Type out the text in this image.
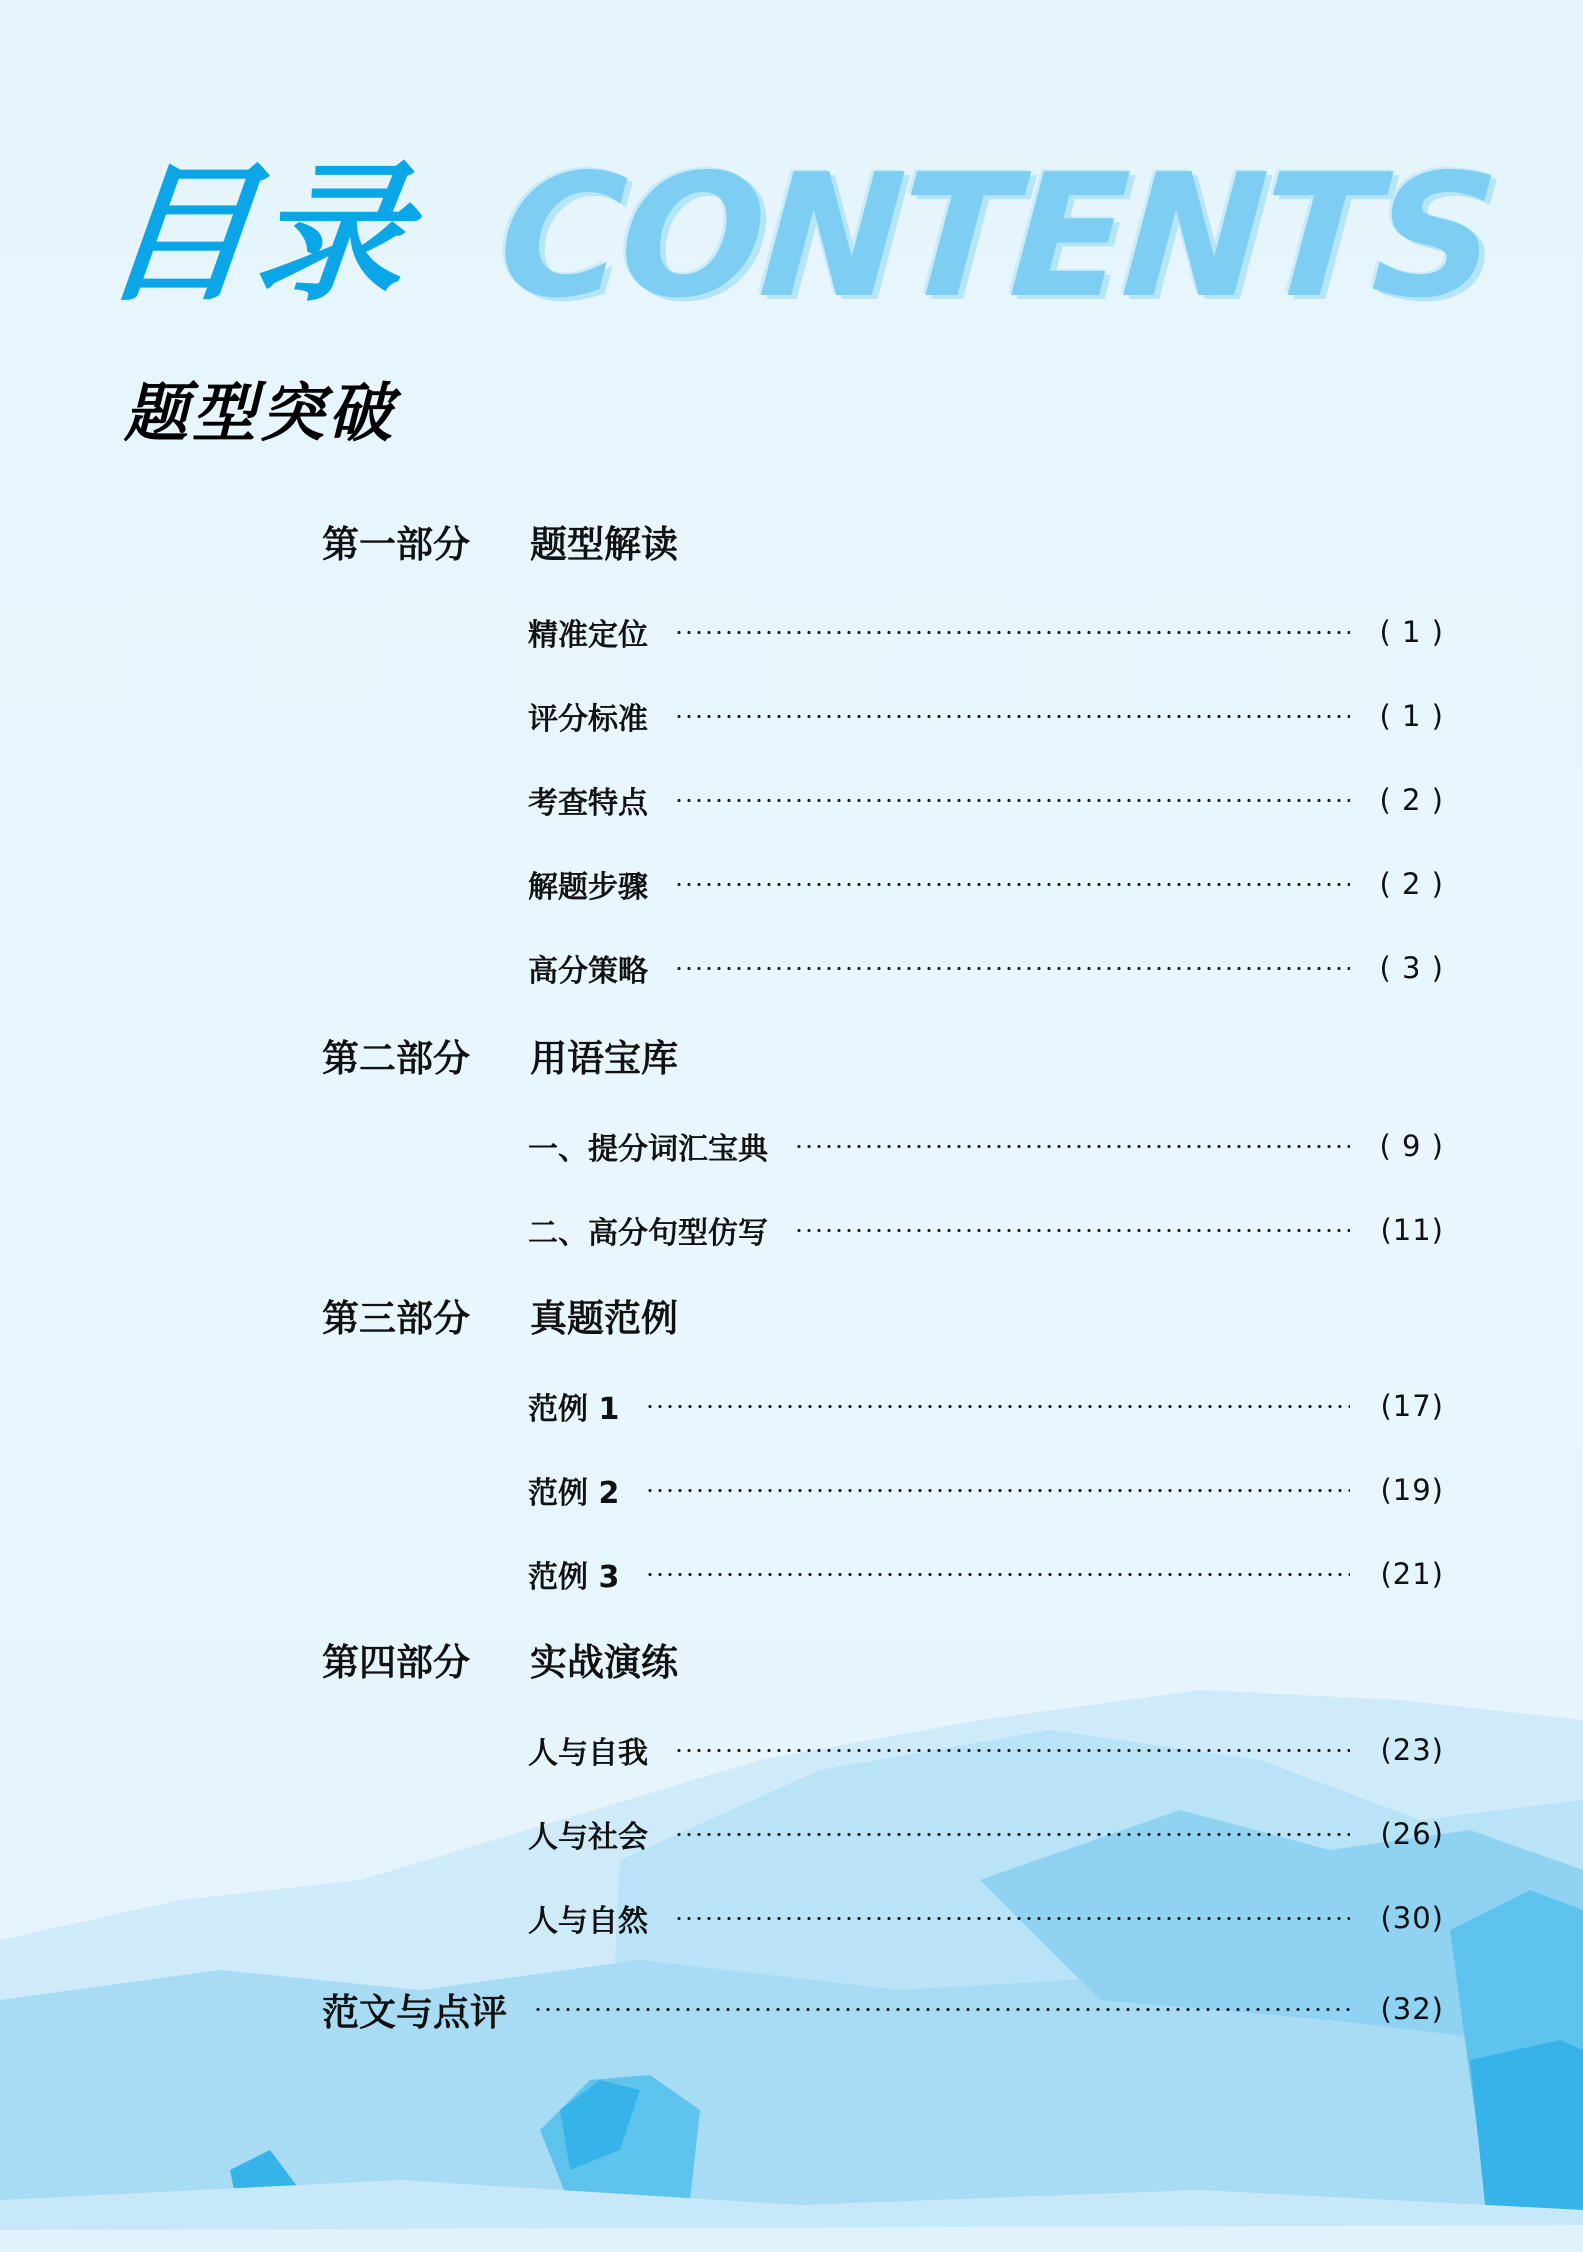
目录 CONTENTS
题型突破
第一部分	题型解读
精准定位	( 1 )
评分标准	( 1 )
考查特点	( 2 )
解题步骤	( 2 )
高分策略	( 3 )
第二部分	用语宝库
一、提分词汇宝典	( 9 )
二、高分句型仿写	(11)
第三部分	真题范例
范例 1	(17)
范例 2	(19)
范例 3	(21)
第四部分	实战演练
人与自我	(23)
人与社会	(26)
人与自然	(30)
范文与点评	(32)
